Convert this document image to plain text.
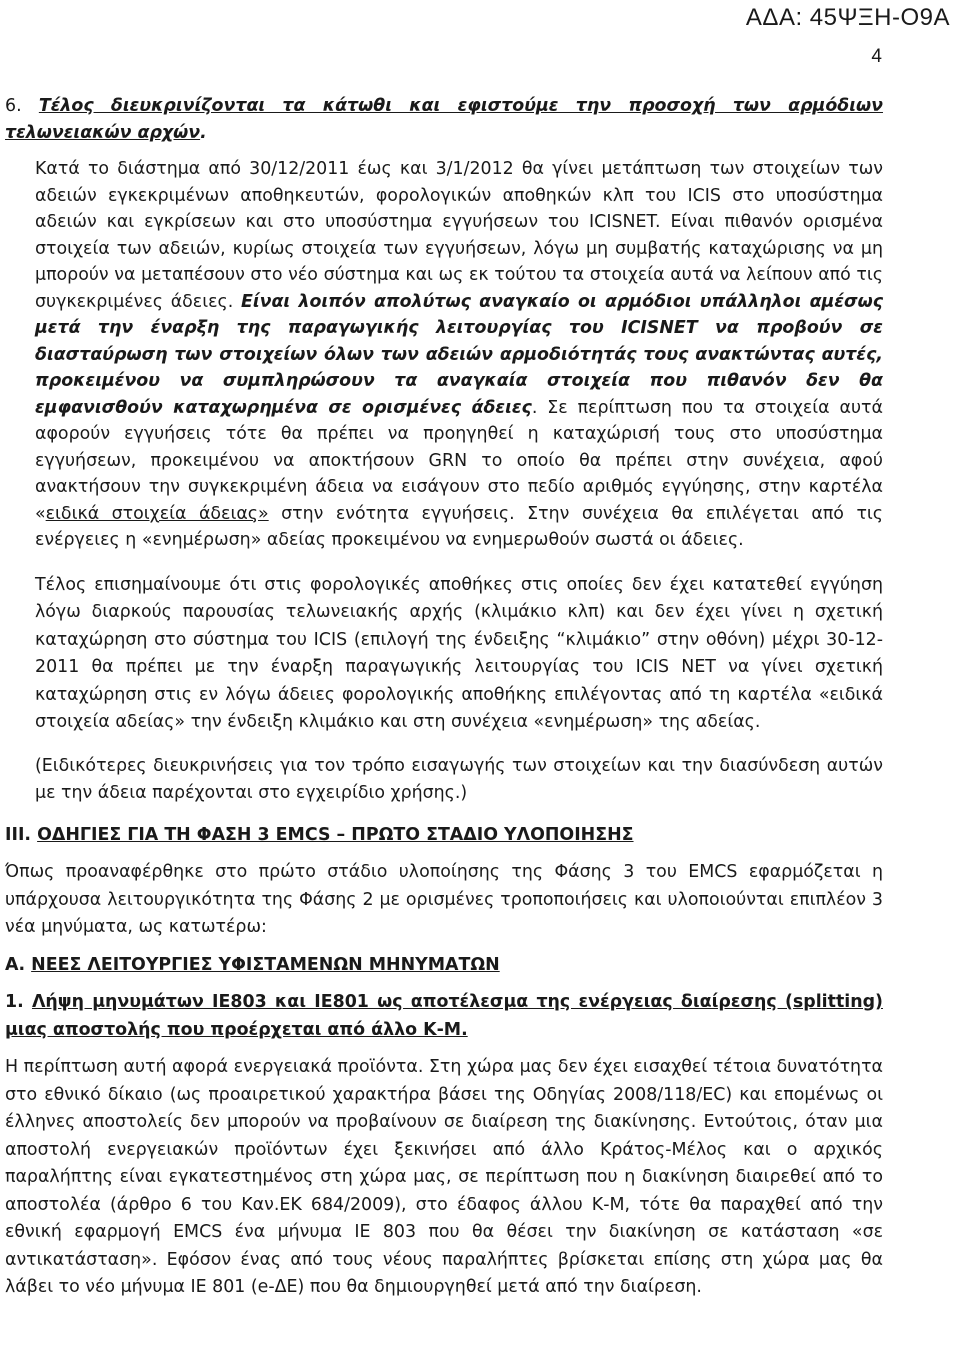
ΑΔΑ: 45ΨΞΗ-Ο9Α
4

6. Τέλος διευκρινίζονται τα κάτωθι και εφιστούμε την προσοχή των αρμόδιων τελωνειακών αρχών.

Κατά το διάστημα από 30/12/2011 έως και 3/1/2012 θα γίνει μετάπτωση των στοιχείων των αδειών εγκεκριμένων αποθηκευτών, φορολογικών αποθηκών κλπ του ICIS στο υποσύστημα αδειών και εγκρίσεων και στο υποσύστημα εγγυήσεων του ICISNET. Είναι πιθανόν ορισμένα στοιχεία των αδειών, κυρίως στοιχεία των εγγυήσεων, λόγω μη συμβατής καταχώρισης να μη μπορούν να μεταπέσουν στο νέο σύστημα και ως εκ τούτου τα στοιχεία αυτά να λείπουν από τις συγκεκριμένες άδειες. Είναι λοιπόν απολύτως αναγκαίο οι αρμόδιοι υπάλληλοι αμέσως μετά την έναρξη της παραγωγικής λειτουργίας του ICISNET να προβούν σε διασταύρωση των στοιχείων όλων των αδειών αρμοδιότητάς τους ανακτώντας αυτές, προκειμένου να συμπληρώσουν τα αναγκαία στοιχεία που πιθανόν δεν θα εμφανισθούν καταχωρημένα σε ορισμένες άδειες. Σε περίπτωση που τα στοιχεία αυτά αφορούν εγγυήσεις τότε θα πρέπει να προηγηθεί η καταχώρισή τους στο υποσύστημα εγγυήσεων, προκειμένου να αποκτήσουν GRN το οποίο θα πρέπει στην συνέχεια, αφού ανακτήσουν την συγκεκριμένη άδεια να εισάγουν στο πεδίο αριθμός εγγύησης, στην καρτέλα «ειδικά στοιχεία άδειας» στην ενότητα εγγυήσεις. Στην συνέχεια θα επιλέγεται από τις ενέργειες η «ενημέρωση» αδείας προκειμένου να ενημερωθούν σωστά οι άδειες.

Τέλος επισημαίνουμε ότι στις φορολογικές αποθήκες στις οποίες δεν έχει κατατεθεί εγγύηση λόγω διαρκούς παρουσίας τελωνειακής αρχής (κλιμάκιο κλπ) και δεν έχει γίνει η σχετική καταχώρηση στο σύστημα του ICIS (επιλογή της ένδειξης “κλιμάκιο” στην οθόνη) μέχρι 30-12-2011 θα πρέπει με την έναρξη παραγωγικής λειτουργίας του ICIS NET να γίνει σχετική καταχώρηση στις εν λόγω άδειες φορολογικής αποθήκης επιλέγοντας από τη καρτέλα «ειδικά στοιχεία αδείας» την ένδειξη κλιμάκιο και στη συνέχεια «ενημέρωση» της αδείας.

(Ειδικότερες διευκρινήσεις για τον τρόπο εισαγωγής των στοιχείων και την διασύνδεση αυτών με την άδεια παρέχονται στο εγχειρίδιο χρήσης.)

III. ΟΔΗΓΙΕΣ ΓΙΑ ΤΗ ΦΑΣΗ 3 EMCS – ΠΡΩΤΟ ΣΤΑΔΙΟ ΥΛΟΠΟΙΗΣΗΣ

Όπως προαναφέρθηκε στο πρώτο στάδιο υλοποίησης της Φάσης 3 του EMCS εφαρμόζεται η υπάρχουσα λειτουργικότητα της Φάσης 2 με ορισμένες τροποποιήσεις και υλοποιούνται επιπλέον 3 νέα μηνύματα, ως κατωτέρω:

Α. ΝΕΕΣ ΛΕΙΤΟΥΡΓΙΕΣ ΥΦΙΣΤΑΜΕΝΩΝ ΜΗΝΥΜΑΤΩΝ

1. Λήψη μηνυμάτων IE803 και IE801 ως αποτέλεσμα της ενέργειας διαίρεσης (splitting) μιας αποστολής που προέρχεται από άλλο Κ-Μ.

Η περίπτωση αυτή αφορά ενεργειακά προϊόντα. Στη χώρα μας δεν έχει εισαχθεί τέτοια δυνατότητα στο εθνικό δίκαιο (ως προαιρετικού χαρακτήρα βάσει της Οδηγίας 2008/118/EC) και επομένως οι έλληνες αποστολείς δεν μπορούν να προβαίνουν σε διαίρεση της διακίνησης. Εντούτοις, όταν μια αποστολή ενεργειακών προϊόντων έχει ξεκινήσει από άλλο Κράτος-Μέλος και ο αρχικός παραλήπτης είναι εγκατεστημένος στη χώρα μας, σε περίπτωση που η διακίνηση διαιρεθεί από το αποστολέα (άρθρο 6 του Καν.ΕΚ 684/2009), στο έδαφος άλλου Κ-Μ, τότε θα παραχθεί από την εθνική εφαρμογή EMCS ένα μήνυμα IE 803 που θα θέσει την διακίνηση σε κατάσταση «σε αντικατάσταση». Εφόσον ένας από τους νέους παραλήπτες βρίσκεται επίσης στη χώρα μας θα λάβει το νέο μήνυμα IE 801 (e-ΔΕ) που θα δημιουργηθεί μετά από την διαίρεση.
